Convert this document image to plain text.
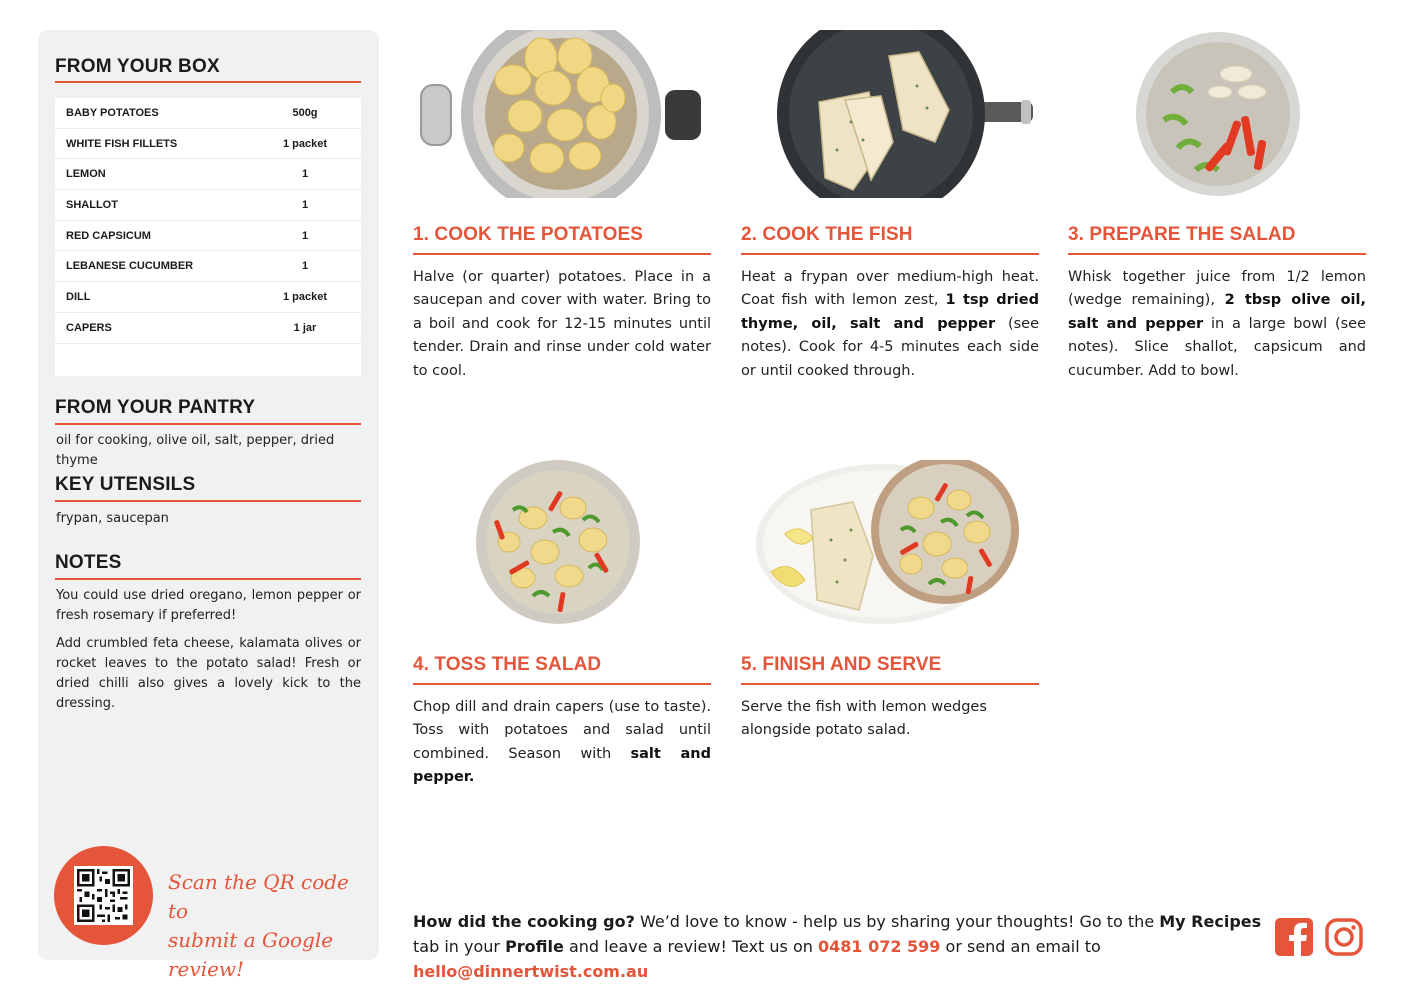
FROM YOUR BOX
BABY POTATOES	500g
WHITE FISH FILLETS	1 packet
LEMON	1
SHALLOT	1
RED CAPSICUM	1
LEBANESE CUCUMBER	1
DILL	1 packet
CAPERS	1 jar
FROM YOUR PANTRY
oil for cooking, olive oil, salt, pepper, dried thyme
KEY UTENSILS
frypan, saucepan
NOTES
You could use dried oregano, lemon pepper or fresh rosemary if preferred!
Add crumbled feta cheese, kalamata olives or rocket leaves to the potato salad! Fresh or dried chilli also gives a lovely kick to the dressing.
Scan the QR code to
submit a Google review!
1. COOK THE POTATOES
Halve (or quarter) potatoes. Place in a saucepan and cover with water. Bring to a boil and cook for 12-15 minutes until tender. Drain and rinse under cold water to cool.
2. COOK THE FISH
Heat a frypan over medium-high heat. Coat fish with lemon zest, 1 tsp dried thyme, oil, salt and pepper (see notes). Cook for 4-5 minutes each side or until cooked through.
3. PREPARE THE SALAD
Whisk together juice from 1/2 lemon (wedge remaining), 2 tbsp olive oil, salt and pepper in a large bowl (see notes). Slice shallot, capsicum and cucumber. Add to bowl.
4. TOSS THE SALAD
Chop dill and drain capers (use to taste). Toss with potatoes and salad until combined. Season with salt and pepper.
5. FINISH AND SERVE
Serve the fish with lemon wedges alongside potato salad.
How did the cooking go? We’d love to know - help us by sharing your thoughts! Go to the My Recipes tab in your Profile and leave a review! Text us on 0481 072 599 or send an email to hello@dinnertwist.com.au
